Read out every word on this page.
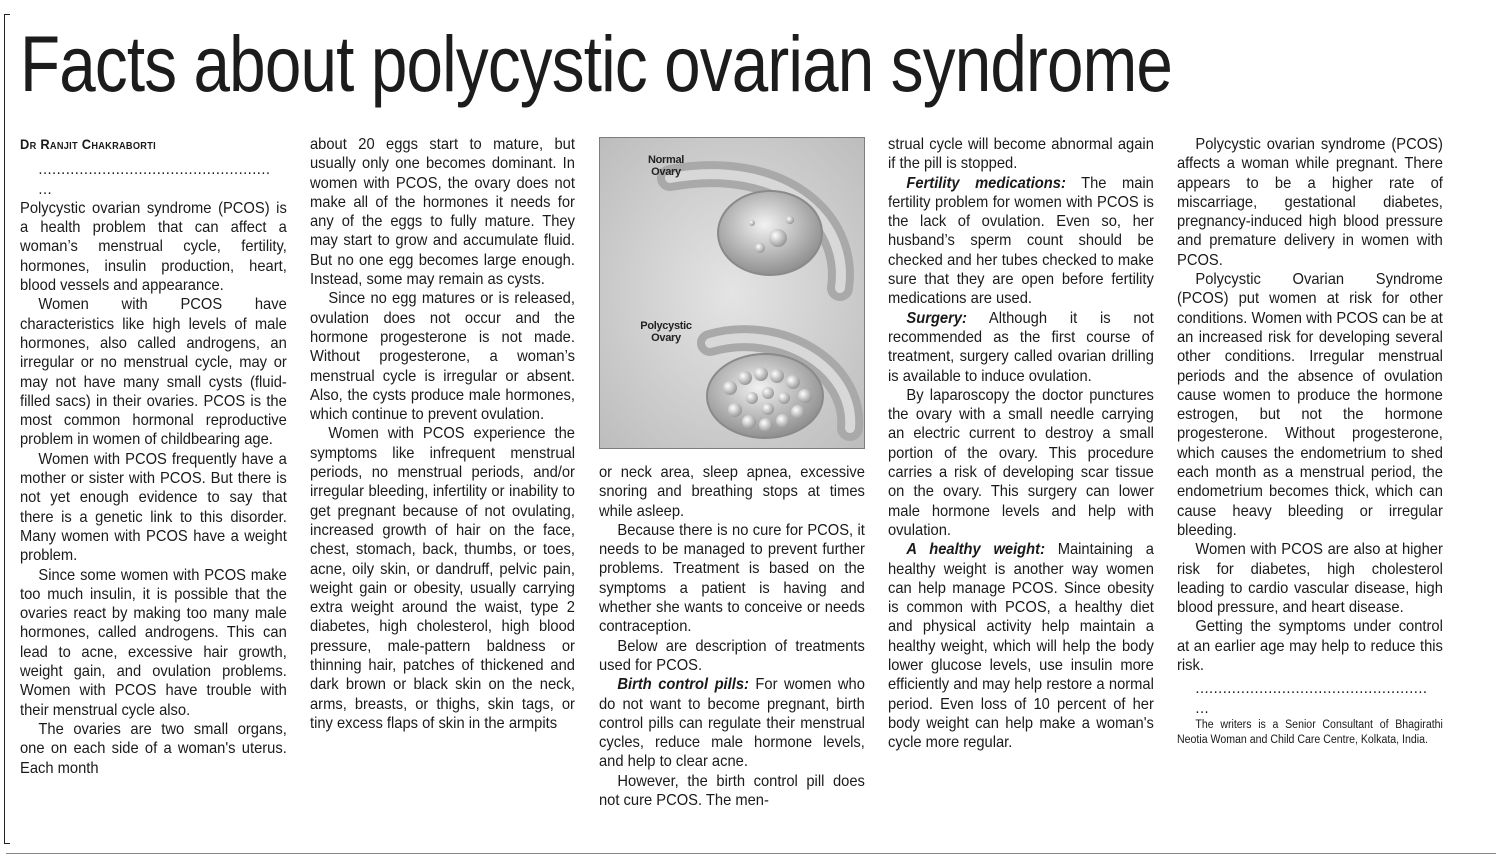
Facts about polycystic ovarian syndrome
Dr Ranjit Chakraborti

...................................................

...

Polycystic ovarian syndrome (PCOS) is a health problem that can affect a woman’s menstrual cycle, fertility, hormones, insulin production, heart, blood vessels and appearance.

Women with PCOS have characteristics like high levels of male hormones, also called androgens, an irregular or no menstrual cycle, may or may not have many small cysts (fluid-filled sacs) in their ovaries. PCOS is the most common hormonal reproductive problem in women of childbearing age.

Women with PCOS frequently have a mother or sister with PCOS. But there is not yet enough evidence to say that there is a genetic link to this disorder. Many women with PCOS have a weight problem.

Since some women with PCOS make too much insulin, it is possible that the ovaries react by making too many male hormones, called androgens. This can lead to acne, excessive hair growth, weight gain, and ovulation problems. Women with PCOS have trouble with their menstrual cycle also.

The ovaries are two small organs, one on each side of a woman's uterus. Each month

about 20 eggs start to mature, but usually only one becomes dominant. In women with PCOS, the ovary does not make all of the hormones it needs for any of the eggs to fully mature. They may start to grow and accumulate fluid. But no one egg becomes large enough. Instead, some may remain as cysts.

Since no egg matures or is released, ovulation does not occur and the hormone progesterone is not made. Without progesterone, a woman’s menstrual cycle is irregular or absent. Also, the cysts produce male hormones, which continue to prevent ovulation.

Women with PCOS experience the symptoms like infrequent menstrual periods, no menstrual periods, and/or irregular bleeding, infertility or inability to get pregnant because of not ovulating, increased growth of hair on the face, chest, stomach, back, thumbs, or toes, acne, oily skin, or dandruff, pelvic pain, weight gain or obesity, usually carrying extra weight around the waist, type 2 diabetes, high cholesterol, high blood pressure, male-pattern baldness or thinning hair, patches of thickened and dark brown or black skin on the neck, arms, breasts, or thighs, skin tags, or tiny excess flaps of skin in the armpits

Normal
Ovary
Polycystic
Ovary

or neck area, sleep apnea, excessive snoring and breathing stops at times while asleep.

Because there is no cure for PCOS, it needs to be managed to prevent further problems. Treatment is based on the symptoms a patient is having and whether she wants to conceive or needs contraception.

Below are description of treatments used for PCOS.

Birth control pills: For women who do not want to become pregnant, birth control pills can regulate their menstrual cycles, reduce male hormone levels, and help to clear acne.

However, the birth control pill does not cure PCOS. The men-

strual cycle will become abnormal again if the pill is stopped.

Fertility medications: The main fertility problem for women with PCOS is the lack of ovulation. Even so, her husband’s sperm count should be checked and her tubes checked to make sure that they are open before fertility medications are used.

Surgery: Although it is not recommended as the first course of treatment, surgery called ovarian drilling is available to induce ovulation.

By laparoscopy the doctor punctures the ovary with a small needle carrying an electric current to destroy a small portion of the ovary. This procedure carries a risk of developing scar tissue on the ovary. This surgery can lower male hormone levels and help with ovulation.

A healthy weight: Maintaining a healthy weight is another way women can help manage PCOS. Since obesity is common with PCOS, a healthy diet and physical activity help maintain a healthy weight, which will help the body lower glucose levels, use insulin more efficiently and may help restore a normal period. Even loss of 10 percent of her body weight can help make a woman's cycle more regular.

Polycystic ovarian syndrome (PCOS) affects a woman while pregnant. There appears to be a higher rate of miscarriage, gestational diabetes, pregnancy-induced high blood pressure and premature delivery in women with PCOS.

Polycystic Ovarian Syndrome (PCOS) put women at risk for other conditions. Women with PCOS can be at an increased risk for developing several other conditions. Irregular menstrual periods and the absence of ovulation cause women to produce the hormone estrogen, but not the hormone progesterone. Without progesterone, which causes the endometrium to shed each month as a menstrual period, the endometrium becomes thick, which can cause heavy bleeding or irregular bleeding.

Women with PCOS are also at higher risk for diabetes, high cholesterol leading to cardio vascular disease, high blood pressure, and heart disease.

Getting the symptoms under control at an earlier age may help to reduce this risk.

...................................................

...

The writers is a Senior Consultant of Bhagirathi Neotia Woman and Child Care Centre, Kolkata, India.
